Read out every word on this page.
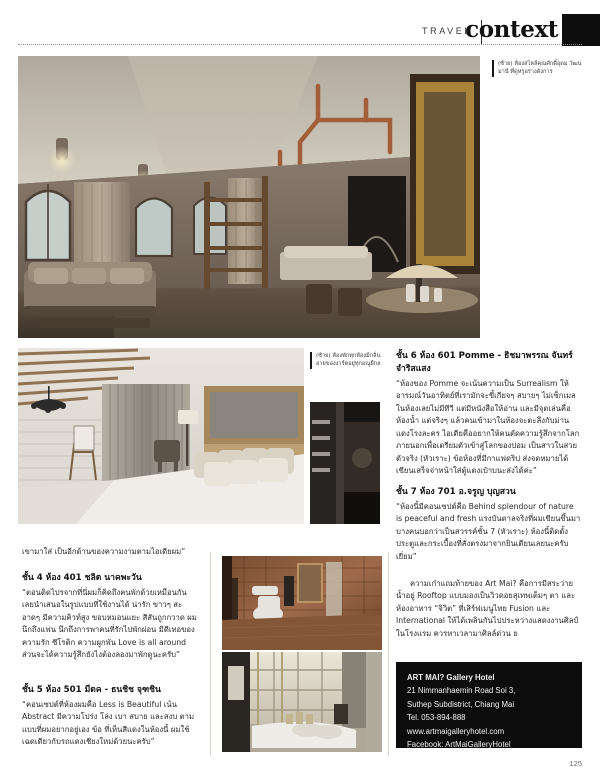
TRAVEL
context

(ซ้าย) ห้องสไตล์คุณศักดิ์อุดม วัฒนมานี ที่ดูหรูอร่างดังการ

(ซ้าย) ห้องพักทุกห้องมีกลิ่นอายของงาร์ตอยู่ทุกอณูผืกล

ชั้น 6 ห้อง 601 Pomme - ธิชมาพรรณ จันทร์จำริสแสง

“ห้องของ Pomme จะเน้นความเป็น Surrealism ให้อารมณ์วันอาทิตย์ที่เรามักจะขี้เกียจๆ สบายๆ ไม่เซ็กเมล ในห้องเลยไม่มีทีวี แต่มีหนังสือให้อ่าน และมีจุดเล่นคือห้องน้ำ แต่จริงๆ แล้วคนเข้ามาในห้องจะตะลึงกับม่านแดงโรงละคร ไอเดียคืออยากให้คนตัดความรู้สึกจากโลกภายนอกเพื่อเตรียมตัวเข้าสู่โลกของปอม เป็นสาวในสวยตัวจริง (หัวเราะ) ข้อห้องที่มีกาแฟดริป ส่งจดหมายได้ เขียนเสร็จจ่าหน้าใส่ตู้แดงเป๋าบนะส่งได้ค่ะ”

ชั้น 7 ห้อง 701 อ.จรูญ บุญสวน

“ห้องนี้มีคอนเซปต์คือ Behind splendour of nature is peaceful and fresh แรงบันดาลจริงที่ผมเขียนขึ้นมา บางคนบอกว่าเป็นสวรรค์ชั้น 7 (หัวเราะ) ห้องนี้ติดตั้งประตูและกระเบื้องที่สั่งตรงมาจากยินเตียนเลยนะครับ เยี่ยม”

ความเก๋าแถมท้ายของ Art Mai? คือการมีสระว่ายน้ำอยู่ Rooftop แบบมองเป็นวิวดอยสุเทพเต็มๆ ตา และห้องอาหาร “จิวิต” ที่เสิร์ฟเมนูไทย Fusion และ International ให้ได้เพลินกันไปประหว่างแสดงงานศิลป์ในโรงแรม ควรหาเวลามาศิลล์ด่วน ย

ART MAI? Gallery Hotel
21 Nimmanhaemin Road Soi 3,
Suthep Subdistrict, Chiang Mai
Tel. 053-894-888
www.artmaigalleryhotel.com
Facebook: ArtMaiGalleryHotel

เขามาใส่ เป็นอีกด้านของความงามตามไอเดียผม”

ชั้น 4 ห้อง 401 ชลิต นาคพะวัน

“ตอนติดไปรจากที่นี่ผมก็คิดถึงคนพักด้วยเหมือนกัน เลยนำเสนอในรูปแบบที่ใช้งานได้ น่ารัก ขาวๆ สะอาดๆ มีความคิวท์สูง ขอบหมอนแยะ สีสันถูกกวาด ผมนึกถึงแฟน นึกถึงการพาคนที่รักไปพักผ่อน มีดีเทอของความรัก ซีโรติก ความผูกพัน Love is all around ส่วนจะได้ความรู้สึกยังไงต้องลองมาพักดูนะครับ”

ชั้น 5 ห้อง 501 มีดค - ธนชิช จุฑชิน

“คอนเซปต์ที่ห้องผมคือ Less is Beautiful เน้น Abstract มีความโปร่ง โล่ง เบา สบาย และสงบ ตามแบบที่ผมอยากอยู่เอง ข้อ ที่เห็นสีแดงในห้องนี้ ผมใช้เฉดเดียวกับรถแดงเชียงใหม่ด้วยนะครับ”

125
